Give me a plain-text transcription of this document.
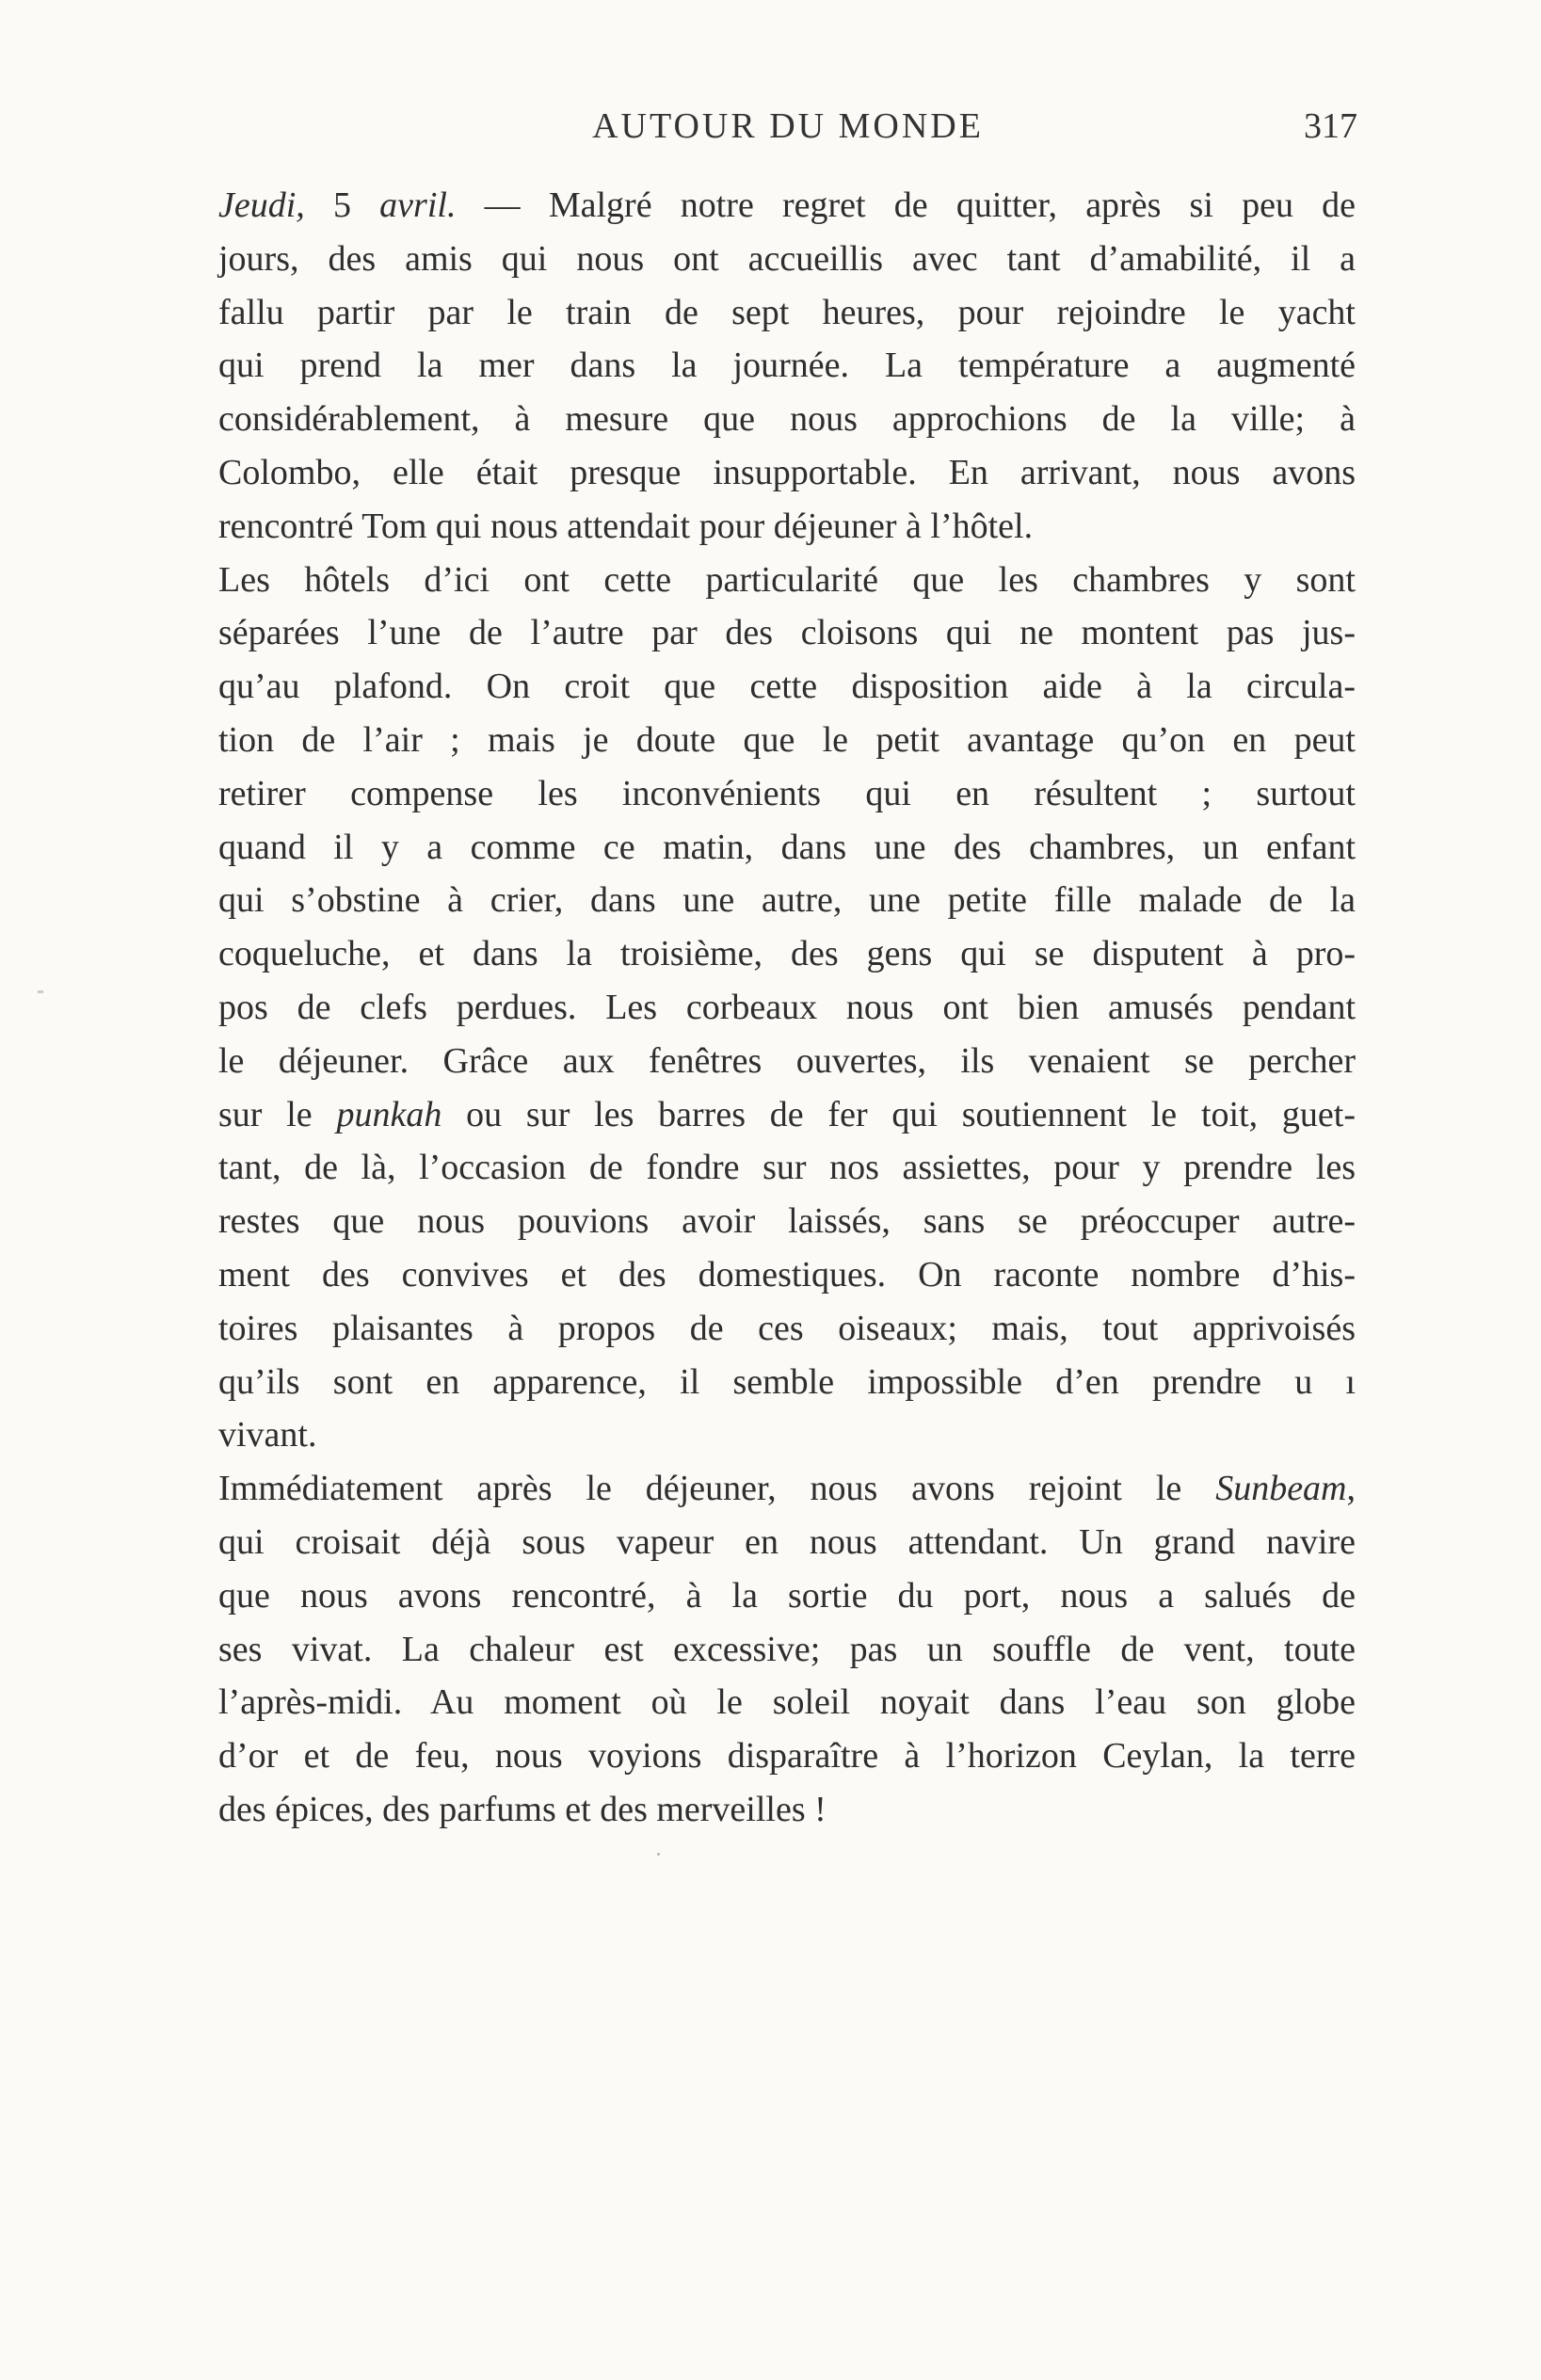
AUTOUR DU MONDE	317
Jeudi, 5 avril. — Malgré notre regret de quitter, après si peu de
jours, des amis qui nous ont accueillis avec tant d’amabilité, il a
fallu partir par le train de sept heures, pour rejoindre le yacht
qui prend la mer dans la journée. La température a augmenté
considérablement, à mesure que nous approchions de la ville; à
Colombo, elle était presque insupportable. En arrivant, nous avons
rencontré Tom qui nous attendait pour déjeuner à l’hôtel.
Les hôtels d’ici ont cette particularité que les chambres y sont
séparées l’une de l’autre par des cloisons qui ne montent pas jus-
qu’au plafond. On croit que cette disposition aide à la circula-
tion de l’air ; mais je doute que le petit avantage qu’on en peut
retirer compense les inconvénients qui en résultent ; surtout
quand il y a comme ce matin, dans une des chambres, un enfant
qui s’obstine à crier, dans une autre, une petite fille malade de la
coqueluche, et dans la troisième, des gens qui se disputent à pro-
pos de clefs perdues. Les corbeaux nous ont bien amusés pendant
le déjeuner. Grâce aux fenêtres ouvertes, ils venaient se percher
sur le punkah ou sur les barres de fer qui soutiennent le toit, guet-
tant, de là, l’occasion de fondre sur nos assiettes, pour y prendre les
restes que nous pouvions avoir laissés, sans se préoccuper autre-
ment des convives et des domestiques. On raconte nombre d’his-
toires plaisantes à propos de ces oiseaux; mais, tout apprivoisés
qu’ils sont en apparence, il semble impossible d’en prendre u ı
vivant.
Immédiatement après le déjeuner, nous avons rejoint le Sunbeam,
qui croisait déjà sous vapeur en nous attendant. Un grand navire
que nous avons rencontré, à la sortie du port, nous a salués de
ses vivat. La chaleur est excessive; pas un souffle de vent, toute
l’après-midi. Au moment où le soleil noyait dans l’eau son globe
d’or et de feu, nous voyions disparaître à l’horizon Ceylan, la terre
des épices, des parfums et des merveilles !
